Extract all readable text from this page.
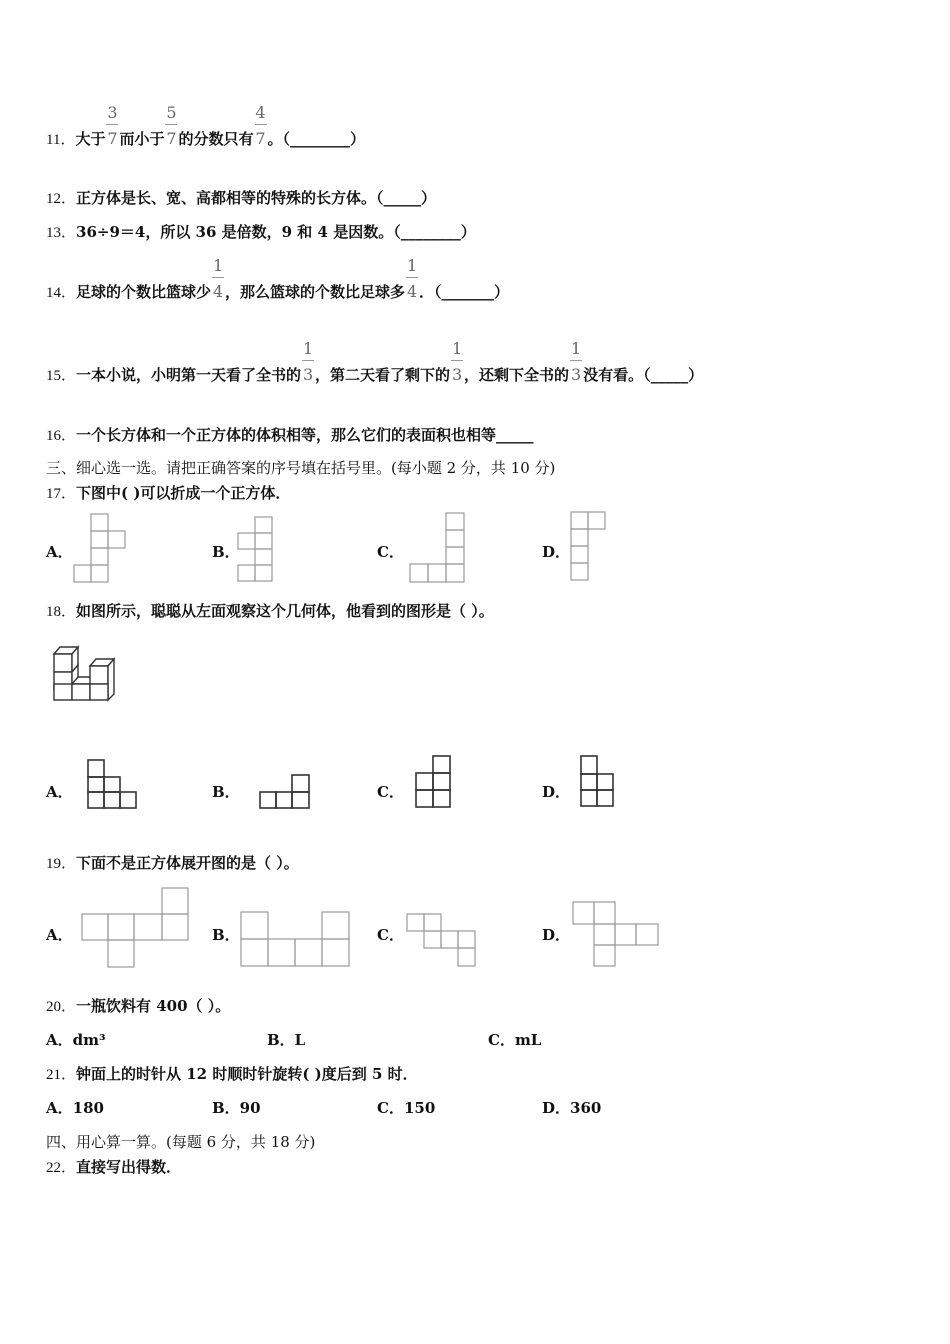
11．大于 $\frac{3}{7}$而小于 $\frac{5}{7}$的分数只有 $\frac{4}{7}$。（________）
12．正方体是长、宽、高都相等的特殊的长方体。（_____）
13．36÷9＝4，所以 36 是倍数，9 和 4 是因数。（________）
14．足球的个数比篮球少 $\frac{1}{4}$，那么篮球的个数比足球多 $\frac{1}{4}$．（_______）
15．一本小说，小明第一天看了全书的 $\frac{1}{3}$，第二天看了剩下的 $\frac{1}{3}$，还剩下全书的 $\frac{1}{3}$没有看。（_____）
16．一个长方体和一个正方体的体积相等，那么它们的表面积也相等_____
三、细心选一选。请把正确答案的序号填在括号里。(每小题 2 分，共 10 分)
17．下图中( )可以折成一个正方体．
A．	B．	C．	D．
18．如图所示，聪聪从左面观察这个几何体，他看到的图形是（ ）。
A．	B．	C．	D．
19．下面不是正方体展开图的是（ ）。
A．	B．	C．	D．
20．一瓶饮料有 400（ ）。
A．dm³	B．L	C．mL
21．钟面上的时针从 12 时顺时针旋转( )度后到 5 时．
A．180	B．90	C．150	D．360
四、用心算一算。(每题 6 分，共 18 分)
22．直接写出得数．
